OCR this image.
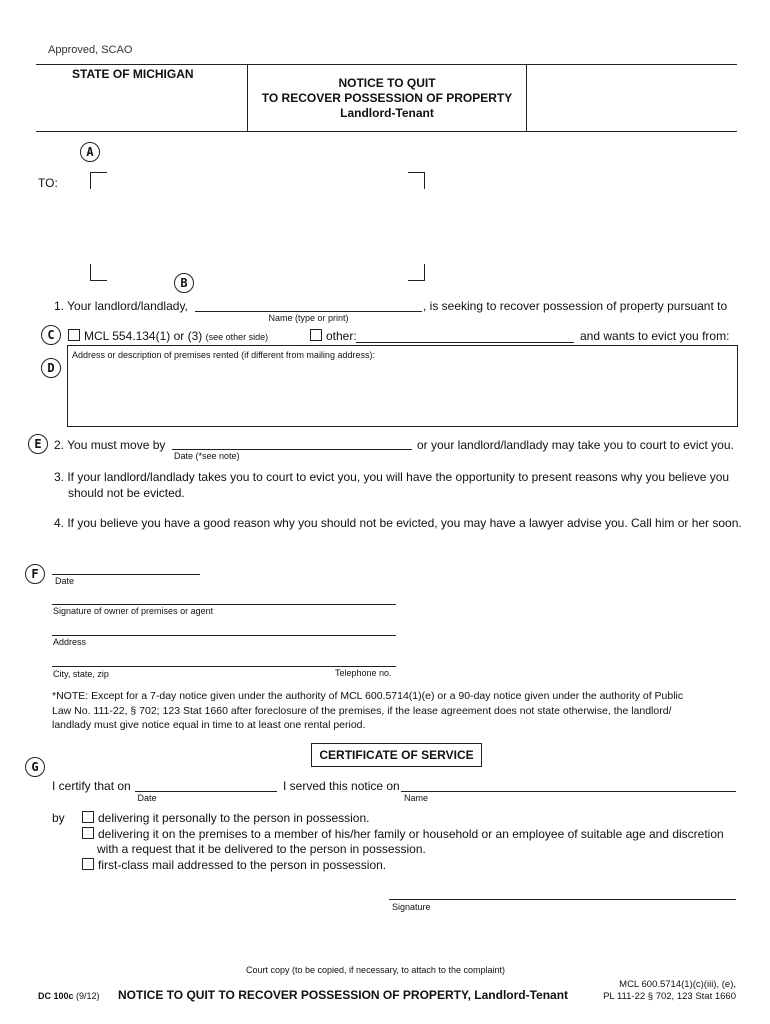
Approved, SCAO
STATE OF MICHIGAN
NOTICE TO QUIT
TO RECOVER POSSESSION OF PROPERTY
Landlord-Tenant
A
TO:
B
1. Your landlord/landlady,
Name (type or print)
, is seeking to recover possession of property pursuant to
C	MCL 554.134(1) or (3) (see other side)	other:	and wants to evict you from:
D
Address or description of premises rented (if different from mailing address):
E	2. You must move by
Date (*see note)
or your landlord/landlady may take you to court to evict you.
3. If your landlord/landlady takes you to court to evict you, you will have the opportunity to present reasons why you believe you
should not be evicted.
4. If you believe you have a good reason why you should not be evicted, you may have a lawyer advise you. Call him or her soon.
F	Date
Signature of owner of premises or agent
Address
City, state, zip	Telephone no.
*NOTE: Except for a 7-day notice given under the authority of MCL 600.5714(1)(e) or a 90-day notice given under the authority of Public
Law No. 111-22, § 702; 123 Stat 1660 after foreclosure of the premises, if the lease agreement does not state otherwise, the landlord/
landlady must give notice equal in time to at least one rental period.
CERTIFICATE OF SERVICE
G
I certify that on
Date
I served this notice on
Name
by	delivering it personally to the person in possession.
delivering it on the premises to a member of his/her family or household or an employee of suitable age and discretion
with a request that it be delivered to the person in possession.
first-class mail addressed to the person in possession.
Signature
Court copy (to be copied, if necessary, to attach to the complaint)
DC 100c (9/12) NOTICE TO QUIT TO RECOVER POSSESSION OF PROPERTY, Landlord-Tenant
MCL 600.5714(1)(c)(iii), (e),
PL 111-22 § 702, 123 Stat 1660
